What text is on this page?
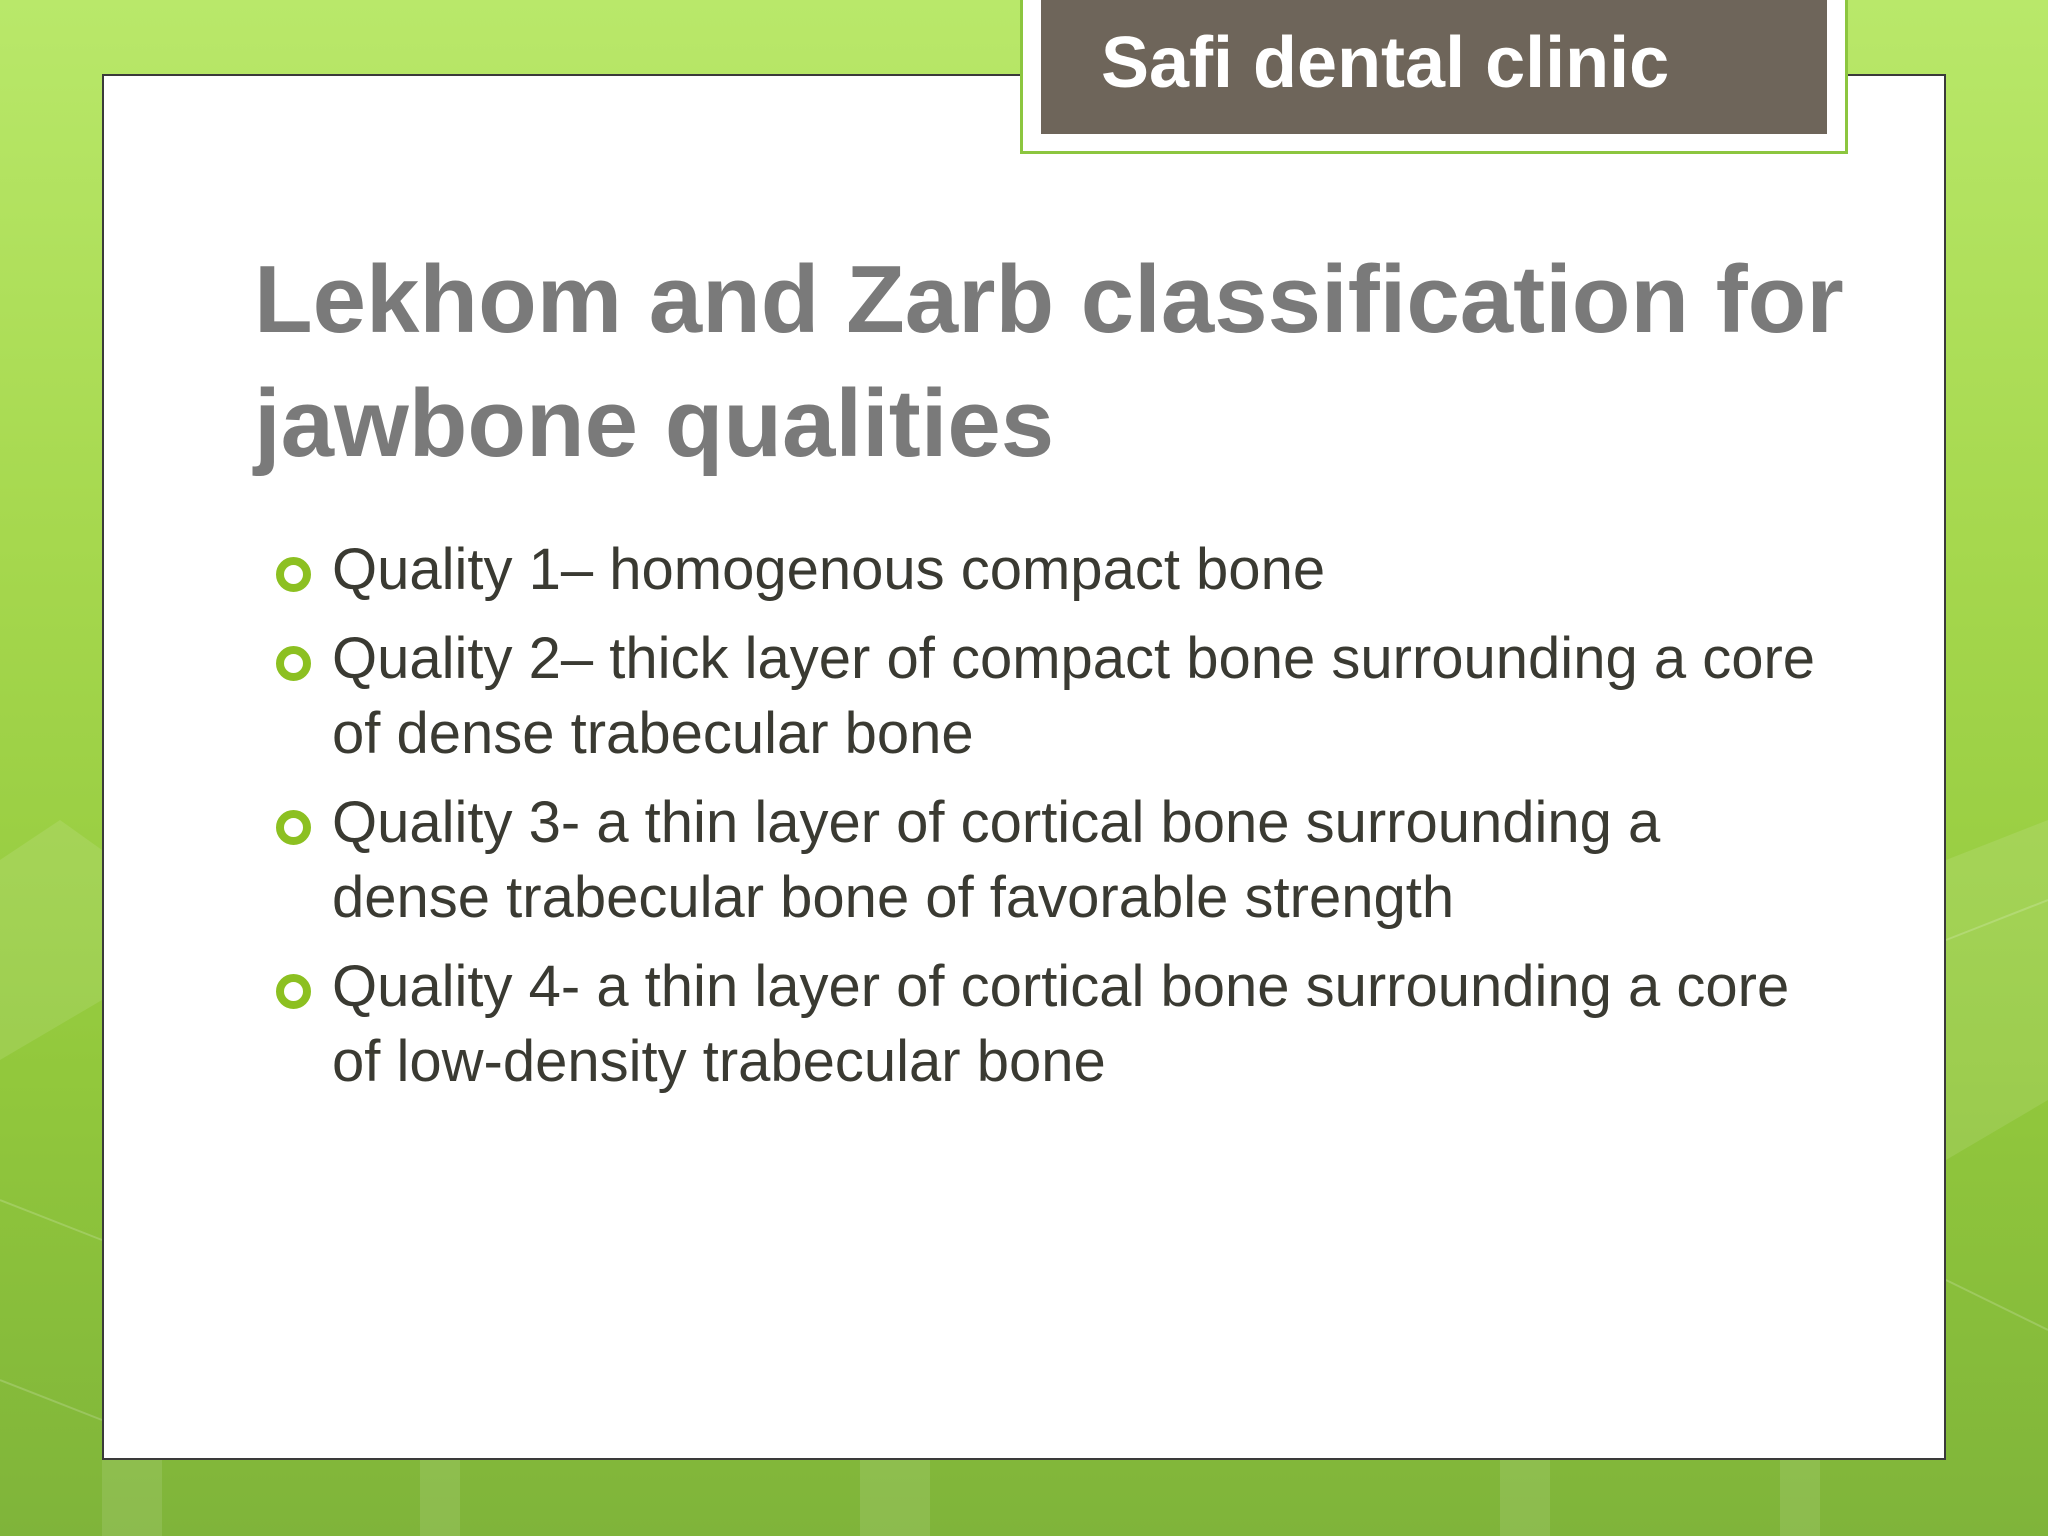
Safi dental clinic
Lekhom and Zarb classification for jawbone qualities
Quality 1– homogenous compact bone
Quality 2– thick layer of compact bone surrounding a core of dense trabecular bone
Quality 3- a thin layer of cortical bone surrounding a dense trabecular bone of favorable strength
Quality 4- a thin layer of cortical bone surrounding a core of low-density trabecular bone
